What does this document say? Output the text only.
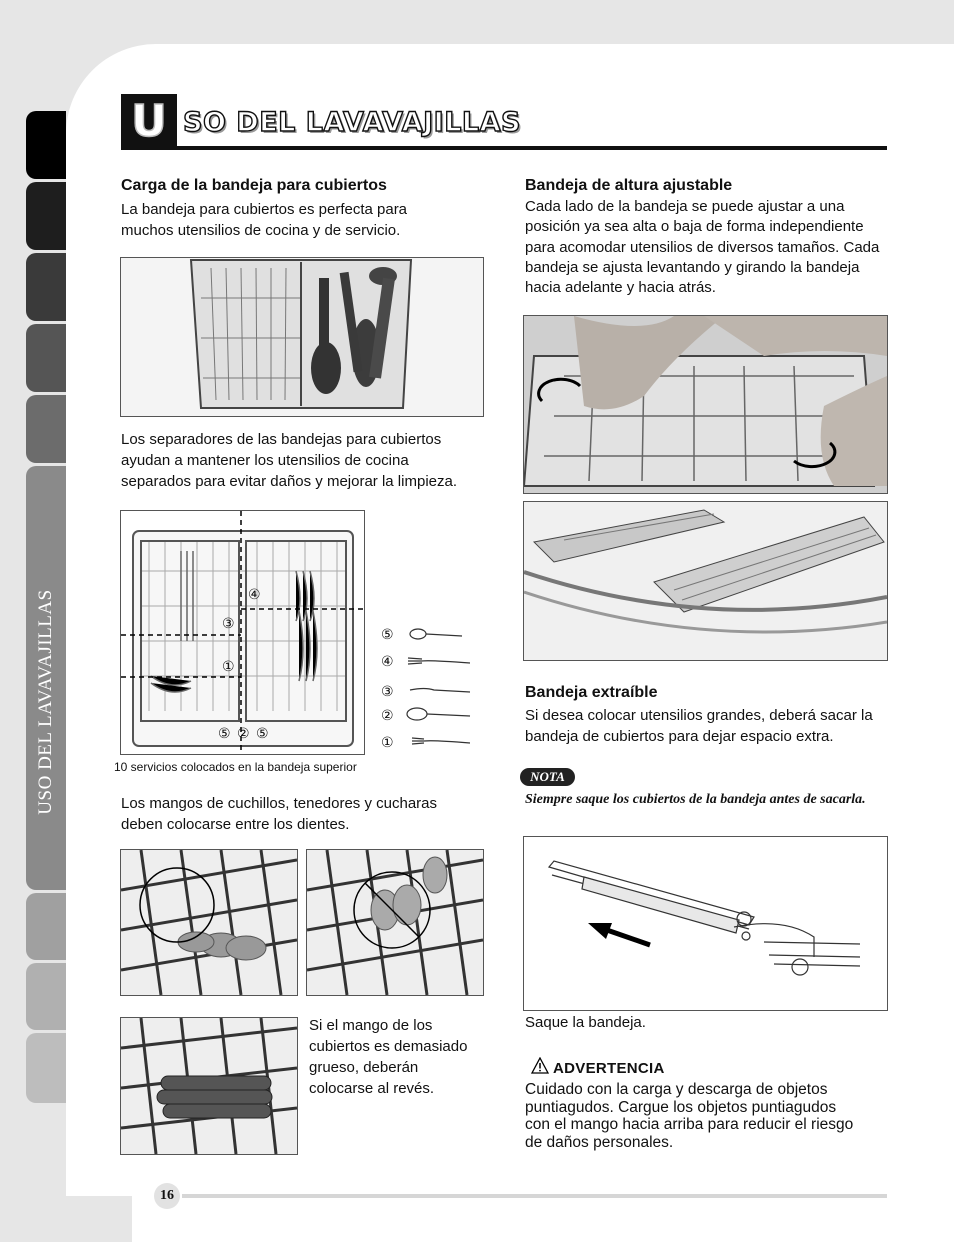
USO DEL LAVAVAJILLAS
U SO DEL LAVAVAJILLAS
Carga de la bandeja para cubiertos
La bandeja para cubiertos es perfecta para muchos utensilios de cocina y de servicio.
Los separadores de las bandejas para cubiertos ayudan a mantener los utensilios de cocina separados para evitar daños y mejorar la limpieza.
④
③
①
⑤ ② ⑤
⑤
④
③
②
①
10 servicios colocados en la bandeja superior
Los mangos de cuchillos, tenedores y cucharas deben colocarse entre los dientes.
Si el mango de los cubiertos es demasiado grueso, deberán colocarse al revés.
Bandeja de altura ajustable
Cada lado de la bandeja se puede ajustar a una posición ya sea alta o baja de forma independiente para acomodar utensilios de diversos tamaños. Cada bandeja se ajusta levantando y girando la bandeja hacia adelante y hacia atrás.
Bandeja extraíble
Si desea colocar utensilios grandes, deberá sacar la bandeja de cubiertos para dejar espacio extra.
NOTA
Siempre saque los cubiertos de la bandeja antes de sacarla.
Saque la bandeja.
ADVERTENCIA
Cuidado con la carga y descarga de objetos puntiagudos. Cargue los objetos puntiagudos con el mango hacia arriba para reducir el riesgo de daños personales.
16
